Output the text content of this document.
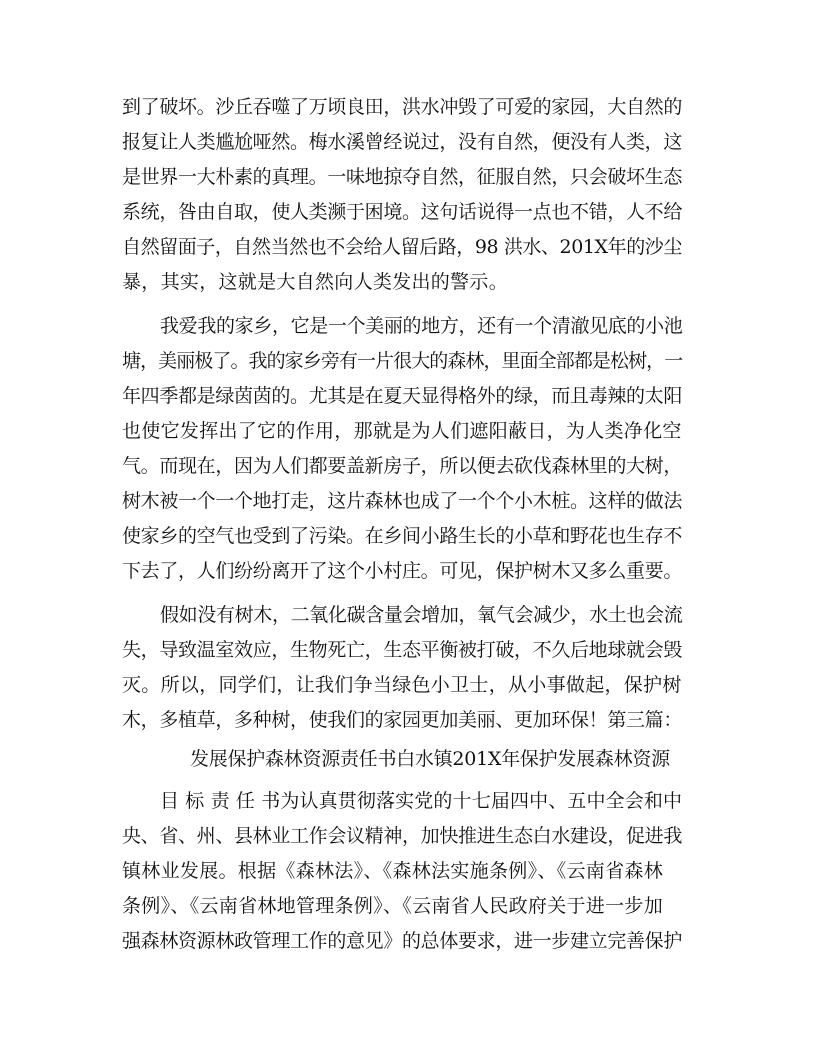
到了破坏。沙丘吞噬了万顷良田，洪水冲毁了可爱的家园，大自然的
报复让人类尴尬哑然。梅水溪曾经说过，没有自然，便没有人类，这
是世界一大朴素的真理。一味地掠夺自然，征服自然，只会破坏生态
系统，咎由自取，使人类濒于困境。这句话说得一点也不错，人不给
自然留面子，自然当然也不会给人留后路，98 洪水、201X年的沙尘
暴，其实，这就是大自然向人类发出的警示。
我爱我的家乡，它是一个美丽的地方，还有一个清澈见底的小池
塘，美丽极了。我的家乡旁有一片很大的森林，里面全部都是松树，一
年四季都是绿茵茵的。尤其是在夏天显得格外的绿，而且毒辣的太阳
也使它发挥出了它的作用，那就是为人们遮阳蔽日，为人类净化空
气。而现在，因为人们都要盖新房子，所以便去砍伐森林里的大树，
树木被一个一个地打走，这片森林也成了一个个小木桩。这样的做法
使家乡的空气也受到了污染。在乡间小路生长的小草和野花也生存不
下去了，人们纷纷离开了这个小村庄。可见，保护树木又多么重要。
假如没有树木，二氧化碳含量会增加，氧气会减少，水土也会流
失，导致温室效应，生物死亡，生态平衡被打破，不久后地球就会毁
灭。所以，同学们，让我们争当绿色小卫士，从小事做起，保护树
木，多植草，多种树，使我们的家园更加美丽、更加环保！第三篇：
发展保护森林资源责任书白水镇201X年保护发展森林资源
目 标 责 任 书为认真贯彻落实党的十七届四中、五中全会和中
央、省、州、县林业工作会议精神，加快推进生态白水建设，促进我
镇林业发展。根据《森林法》、《森林法实施条例》、《云南省森林
条例》、《云南省林地管理条例》、《云南省人民政府关于进一步加
强森林资源林政管理工作的意见》的总体要求，进一步建立完善保护
